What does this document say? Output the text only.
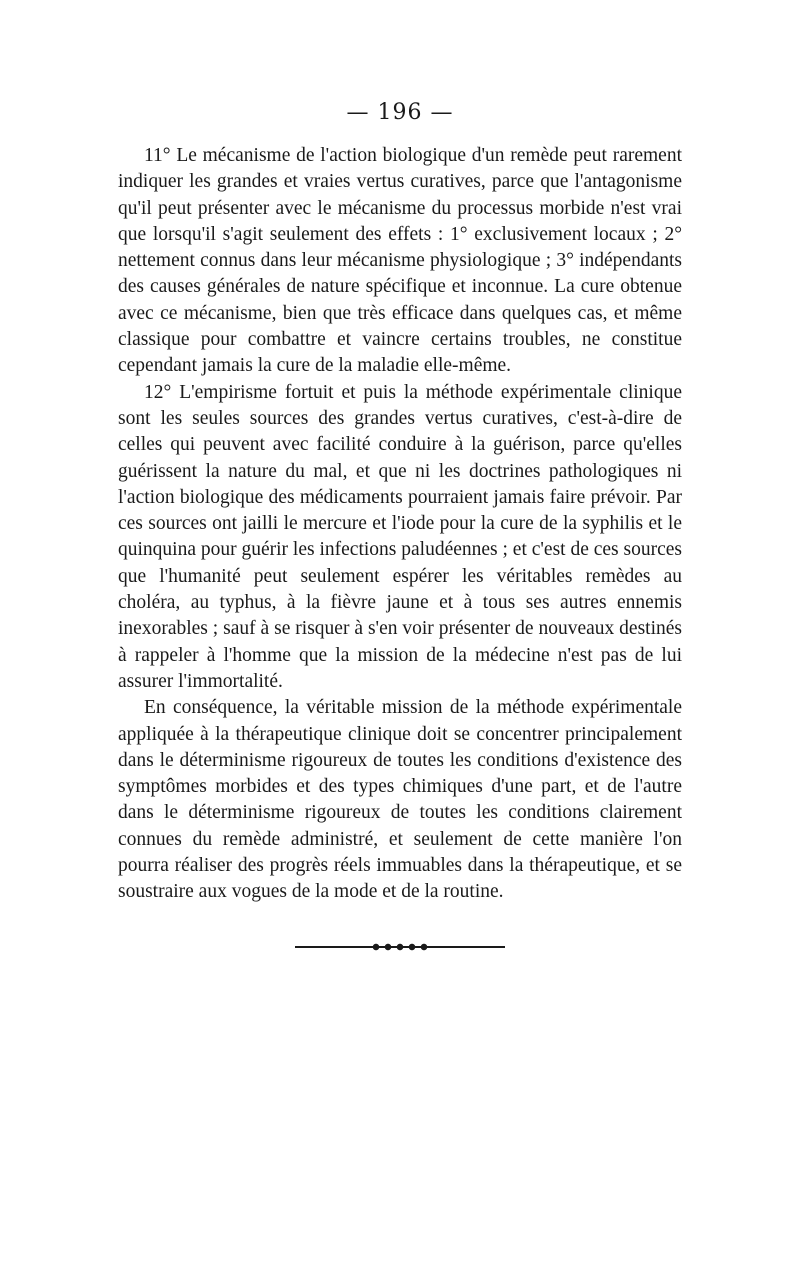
— 196 —

11° Le mécanisme de l'action biologique d'un remède peut rarement indiquer les grandes et vraies vertus curatives, parce que l'antagonisme qu'il peut présenter avec le mécanisme du processus morbide n'est vrai que lorsqu'il s'agit seulement des effets : 1° exclusivement locaux ; 2° nettement connus dans leur mécanisme physiologique ; 3° indépendants des causes générales de nature spécifique et inconnue. La cure obtenue avec ce mécanisme, bien que très efficace dans quelques cas, et même classique pour combattre et vaincre certains troubles, ne constitue cependant jamais la cure de la maladie elle-même.

12° L'empirisme fortuit et puis la méthode expérimentale clinique sont les seules sources des grandes vertus curatives, c'est-à-dire de celles qui peuvent avec facilité conduire à la guérison, parce qu'elles guérissent la nature du mal, et que ni les doctrines pathologiques ni l'action biologique des médicaments pourraient jamais faire prévoir. Par ces sources ont jailli le mercure et l'iode pour la cure de la syphilis et le quinquina pour guérir les infections paludéennes ; et c'est de ces sources que l'humanité peut seulement espérer les véritables remèdes au choléra, au typhus, à la fièvre jaune et à tous ses autres ennemis inexorables ; sauf à se risquer à s'en voir présenter de nouveaux destinés à rappeler à l'homme que la mission de la médecine n'est pas de lui assurer l'immortalité.

En conséquence, la véritable mission de la méthode expérimentale appliquée à la thérapeutique clinique doit se concentrer principalement dans le déterminisme rigoureux de toutes les conditions d'existence des symptômes morbides et des types chimiques d'une part, et de l'autre dans le déterminisme rigoureux de toutes les conditions clairement connues du remède administré, et seulement de cette manière l'on pourra réaliser des progrès réels immuables dans la thérapeutique, et se soustraire aux vogues de la mode et de la routine.
